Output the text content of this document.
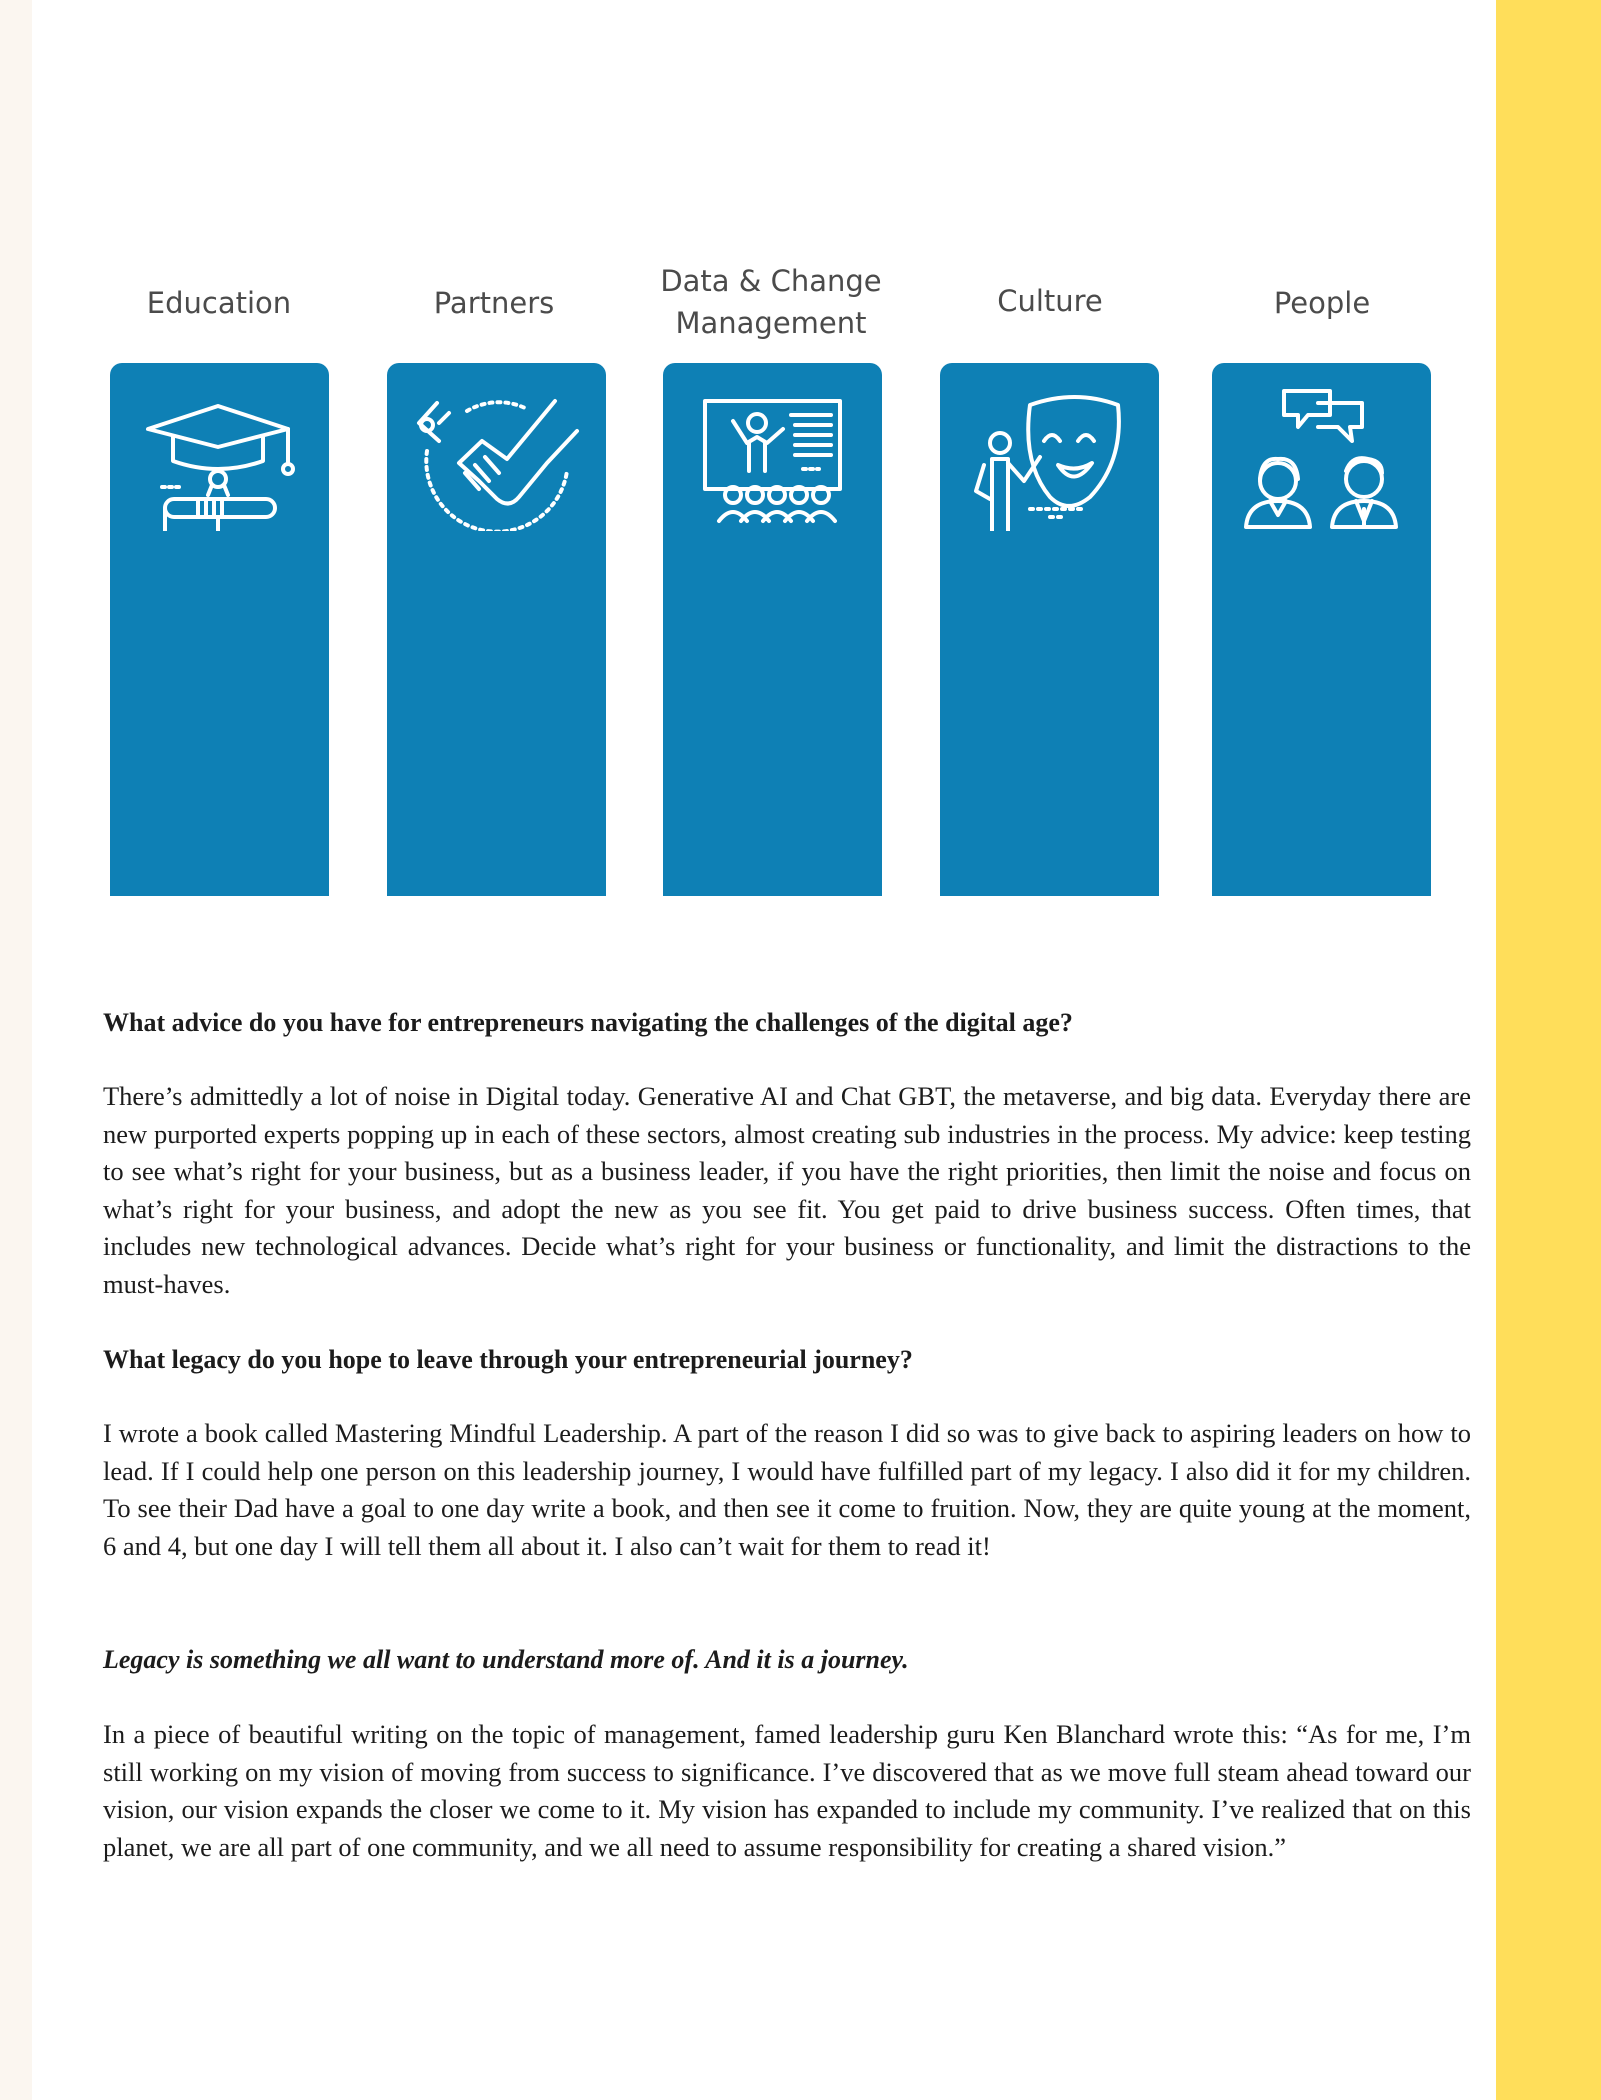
Education	Partners
Data & Change
Management
Culture	People

What advice do you have for entrepreneurs navigating the challenges of the digital age?

There’s admittedly a lot of noise in Digital today. Generative AI and Chat GBT, the metaverse, and big data. Everyday there are new purported experts popping up in each of these sectors, almost creating sub industries in the process. My advice: keep testing to see what’s right for your business, but as a business leader, if you have the right priorities, then limit the noise and focus on what’s right for your business, and adopt the new as you see fit. You get paid to drive business success. Often times, that includes new technological advances. Decide what’s right for your business or functionality, and limit the distractions to the must-haves.

What legacy do you hope to leave through your entrepreneurial journey?

I wrote a book called Mastering Mindful Leadership. A part of the reason I did so was to give back to aspiring leaders on how to lead. If I could help one person on this leadership journey, I would have fulfilled part of my legacy. I also did it for my children. To see their Dad have a goal to one day write a book, and then see it come to fruition. Now, they are quite young at the moment, 6 and 4, but one day I will tell them all about it. I also can’t wait for them to read it!

Legacy is something we all want to understand more of. And it is a journey.

In a piece of beautiful writing on the topic of management, famed leadership guru Ken Blanchard wrote this: “As for me, I’m still working on my vision of moving from success to significance. I’ve discovered that as we move full steam ahead toward our vision, our vision expands the closer we come to it. My vision has expanded to include my community. I’ve realized that on this planet, we are all part of one community, and we all need to assume responsibility for creating a shared vision.”
